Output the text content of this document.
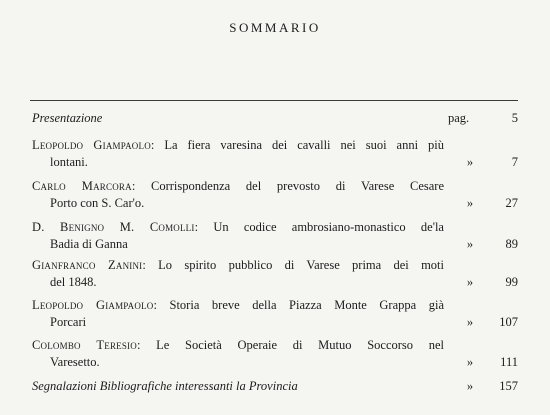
SOMMARIO
Presentazione	pag.	5
Leopoldo Giampaolo: La fiera varesina dei cavalli nei suoi anni più
lontani.	»	7
Carlo Marcora: Corrispondenza del prevosto di Varese Cesare
Porto con S. Car'o.	»	27
D. Benigno M. Comolli: Un codice ambrosiano-monastico de'la
Badia di Ganna	»	89
Gianfranco Zanini: Lo spirito pubblico di Varese prima dei moti
del 1848.	»	99
Leopoldo Giampaolo: Storia breve della Piazza Monte Grappa già
Porcari	»	107
Colombo Teresio: Le Società Operaie di Mutuo Soccorso nel
Varesetto.	»	111
Segnalazioni Bibliografiche interessanti la Provincia	»	157
